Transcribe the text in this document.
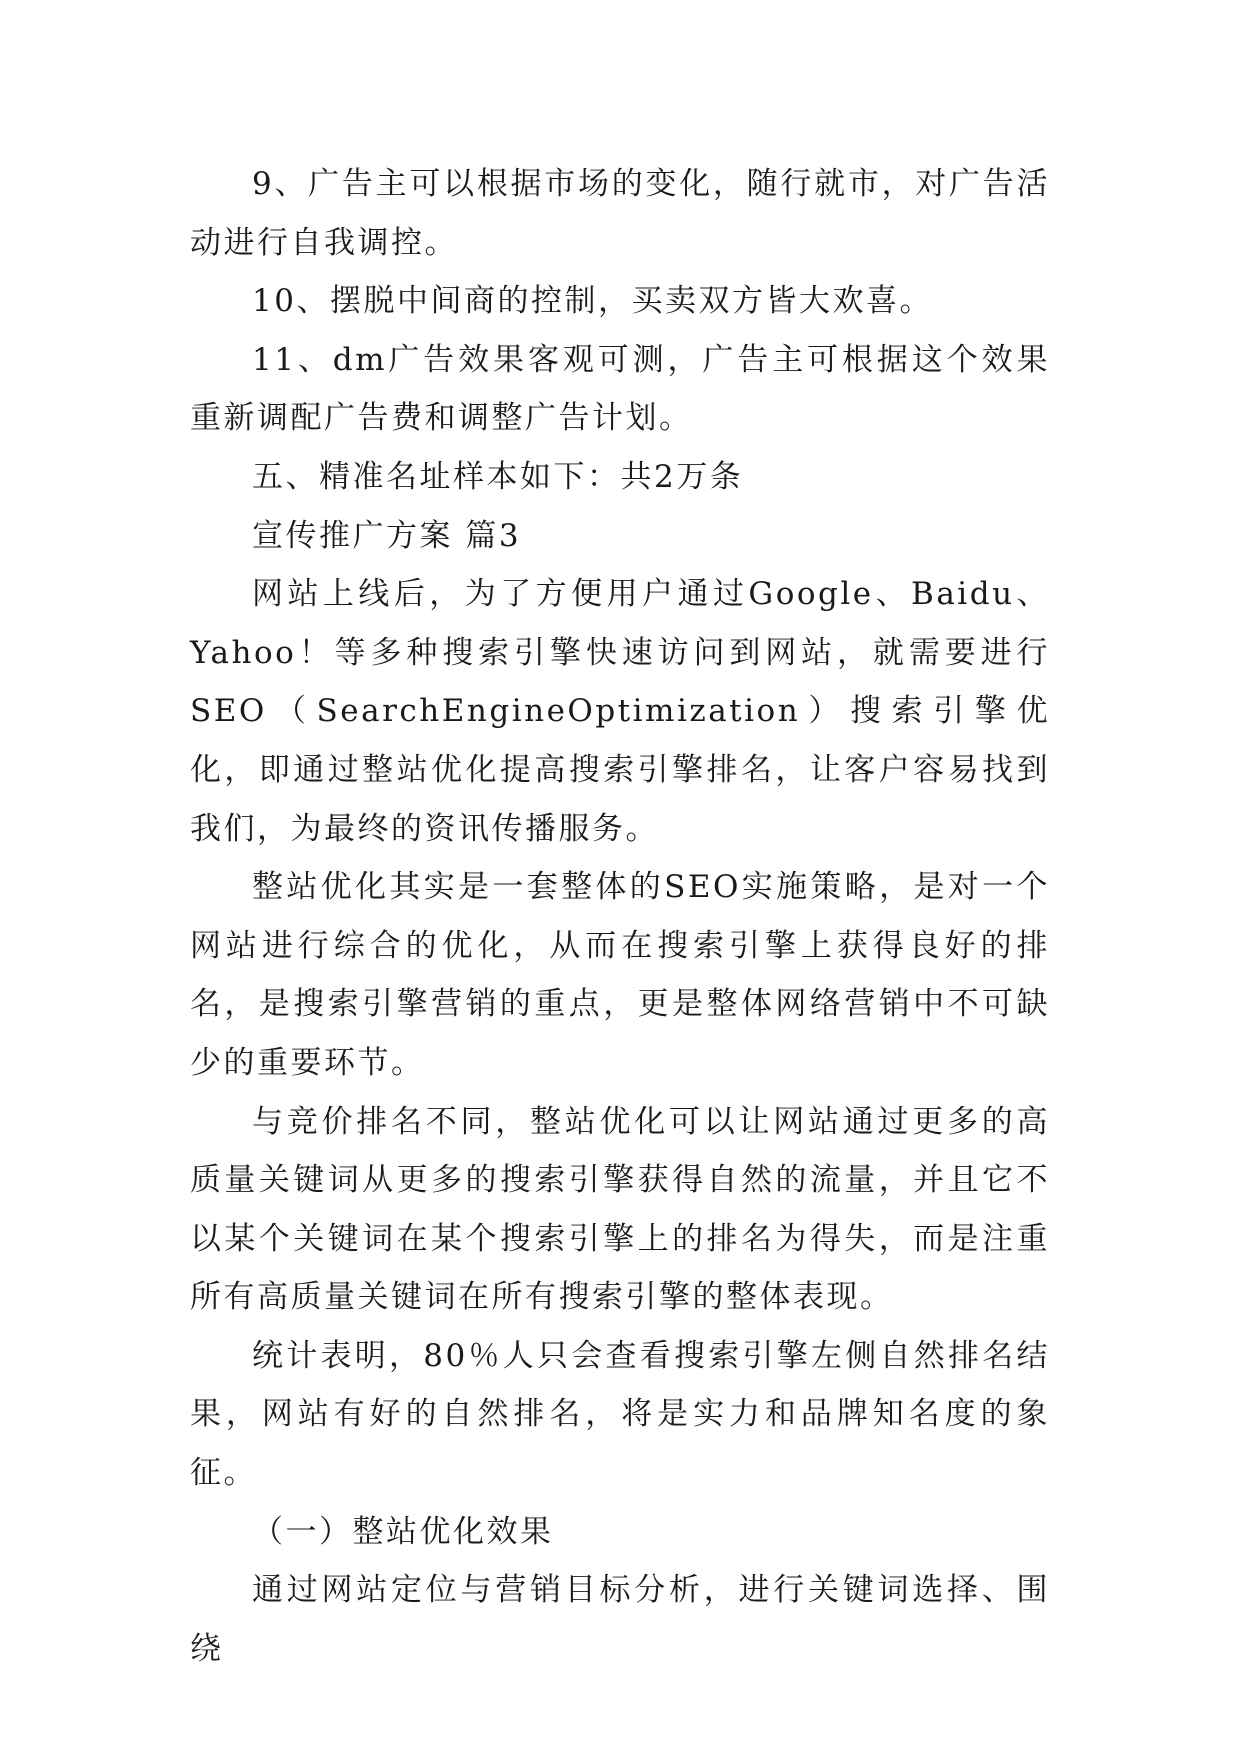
9、广告主可以根据市场的变化，随行就市，对广告活动进行自我调控。

10、摆脱中间商的控制，买卖双方皆大欢喜。

11、dm广告效果客观可测，广告主可根据这个效果重新调配广告费和调整广告计划。

五、精准名址样本如下：共2万条

宣传推广方案 篇3

网站上线后，为了方便用户通过Google、Baidu、Yahoo！等多种搜索引擎快速访问到网站，就需要进行SEO（SearchEngineOptimization）搜索引擎优化，即通过整站优化提高搜索引擎排名，让客户容易找到我们，为最终的资讯传播服务。

整站优化其实是一套整体的SEO实施策略，是对一个网站进行综合的优化，从而在搜索引擎上获得良好的排名，是搜索引擎营销的重点，更是整体网络营销中不可缺少的重要环节。

与竞价排名不同，整站优化可以让网站通过更多的高质量关键词从更多的搜索引擎获得自然的流量，并且它不以某个关键词在某个搜索引擎上的排名为得失，而是注重所有高质量关键词在所有搜索引擎的整体表现。

统计表明，80％人只会查看搜索引擎左侧自然排名结果，网站有好的自然排名，将是实力和品牌知名度的象征。

（一）整站优化效果

通过网站定位与营销目标分析，进行关键词选择、围绕
